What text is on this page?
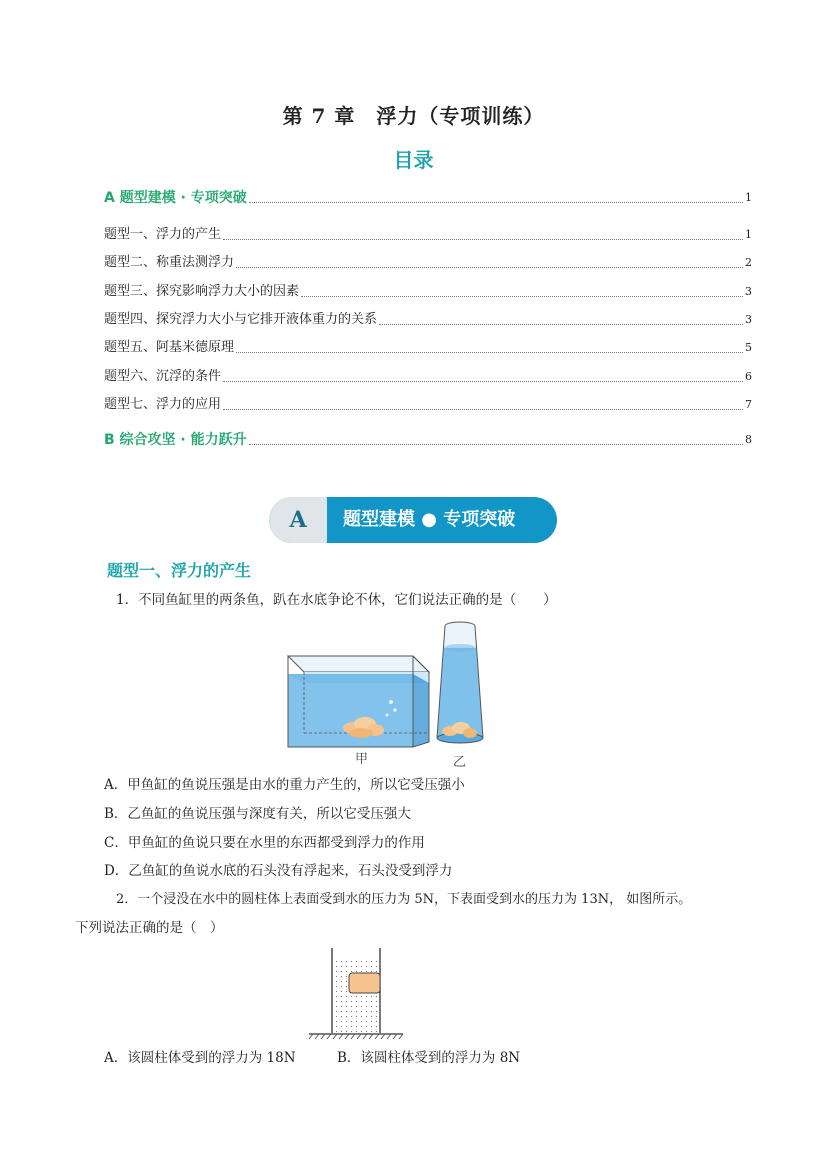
第 7 章　浮力（专项训练）
目录
A 题型建模 · 专项突破	1
题型一、浮力的产生	1
题型二、称重法测浮力	2
题型三、探究影响浮力大小的因素	3
题型四、探究浮力大小与它排开液体重力的关系	3
题型五、阿基米德原理	5
题型六、沉浮的条件	6
题型七、浮力的应用	7
B 综合攻坚 · 能力跃升	8
A	题型建模 ● 专项突破
题型一、浮力的产生
1．不同鱼缸里的两条鱼，趴在水底争论不休，它们说法正确的是（　　）
甲	乙
A．甲鱼缸的鱼说压强是由水的重力产生的，所以它受压强小
B．乙鱼缸的鱼说压强与深度有关，所以它受压强大
C．甲鱼缸的鱼说只要在水里的东西都受到浮力的作用
D．乙鱼缸的鱼说水底的石头没有浮起来，石头没受到浮力
2．一个浸没在水中的圆柱体上表面受到水的压力为 5N，下表面受到水的压力为 13N， 如图所示。
下列说法正确的是（　）
A．该圆柱体受到的浮力为 18N	B．该圆柱体受到的浮力为 8N
